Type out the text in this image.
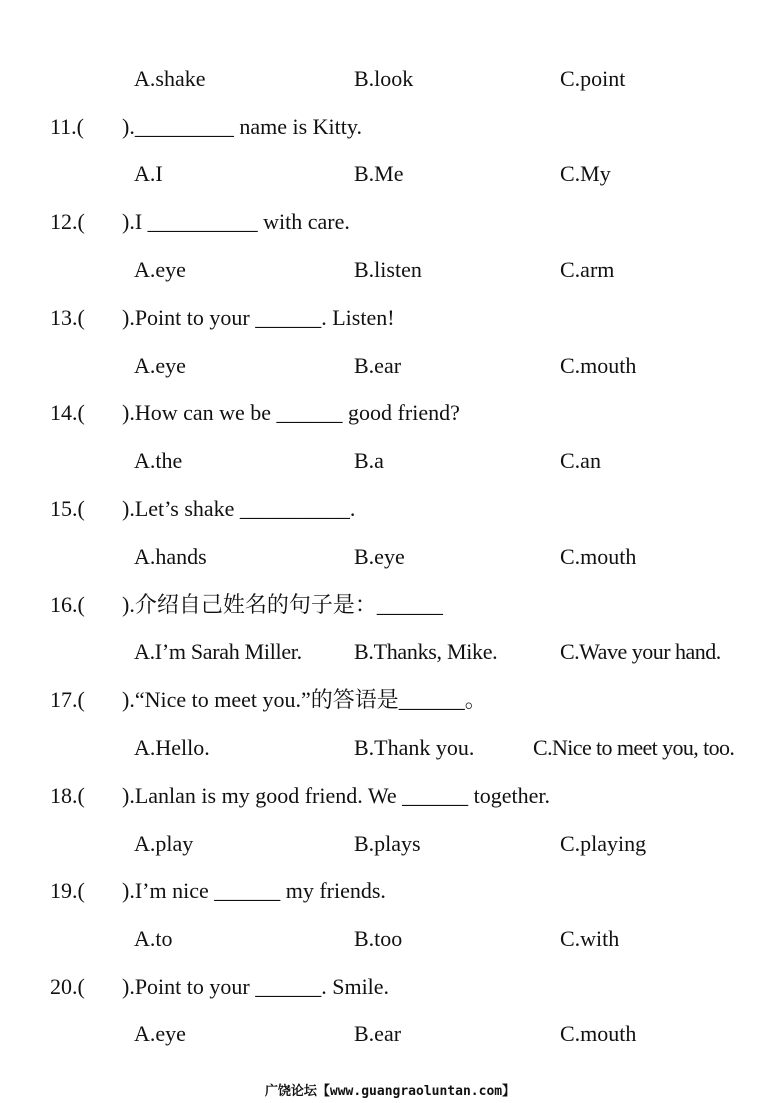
A.shake	B.look	C.point
11.( )._________ name is Kitty.
A.I	B.Me	C.My
12.( ).I __________ with care.
A.eye	B.listen	C.arm
13.( ).Point to your ______. Listen!
A.eye	B.ear	C.mouth
14.( ).How can we be ______ good friend?
A.the	B.a	C.an
15.( ).Let’s shake __________.
A.hands	B.eye	C.mouth
16.( ).介绍自己姓名的句子是：______
A.I’m Sarah Miller. B.Thanks, Mike.	C.Wave your hand.
17.( ).“Nice to meet you.”的答语是______。
A.Hello.	B.Thank you.	C.Nice to meet you, too.
18.( ).Lanlan is my good friend. We ______ together.
A.play	B.plays	C.playing
19.( ).I’m nice ______ my friends.
A.to	B.too	C.with
20.( ).Point to your ______. Smile.
A.eye	B.ear	C.mouth
广饶论坛【www.guangraoluntan.com】
